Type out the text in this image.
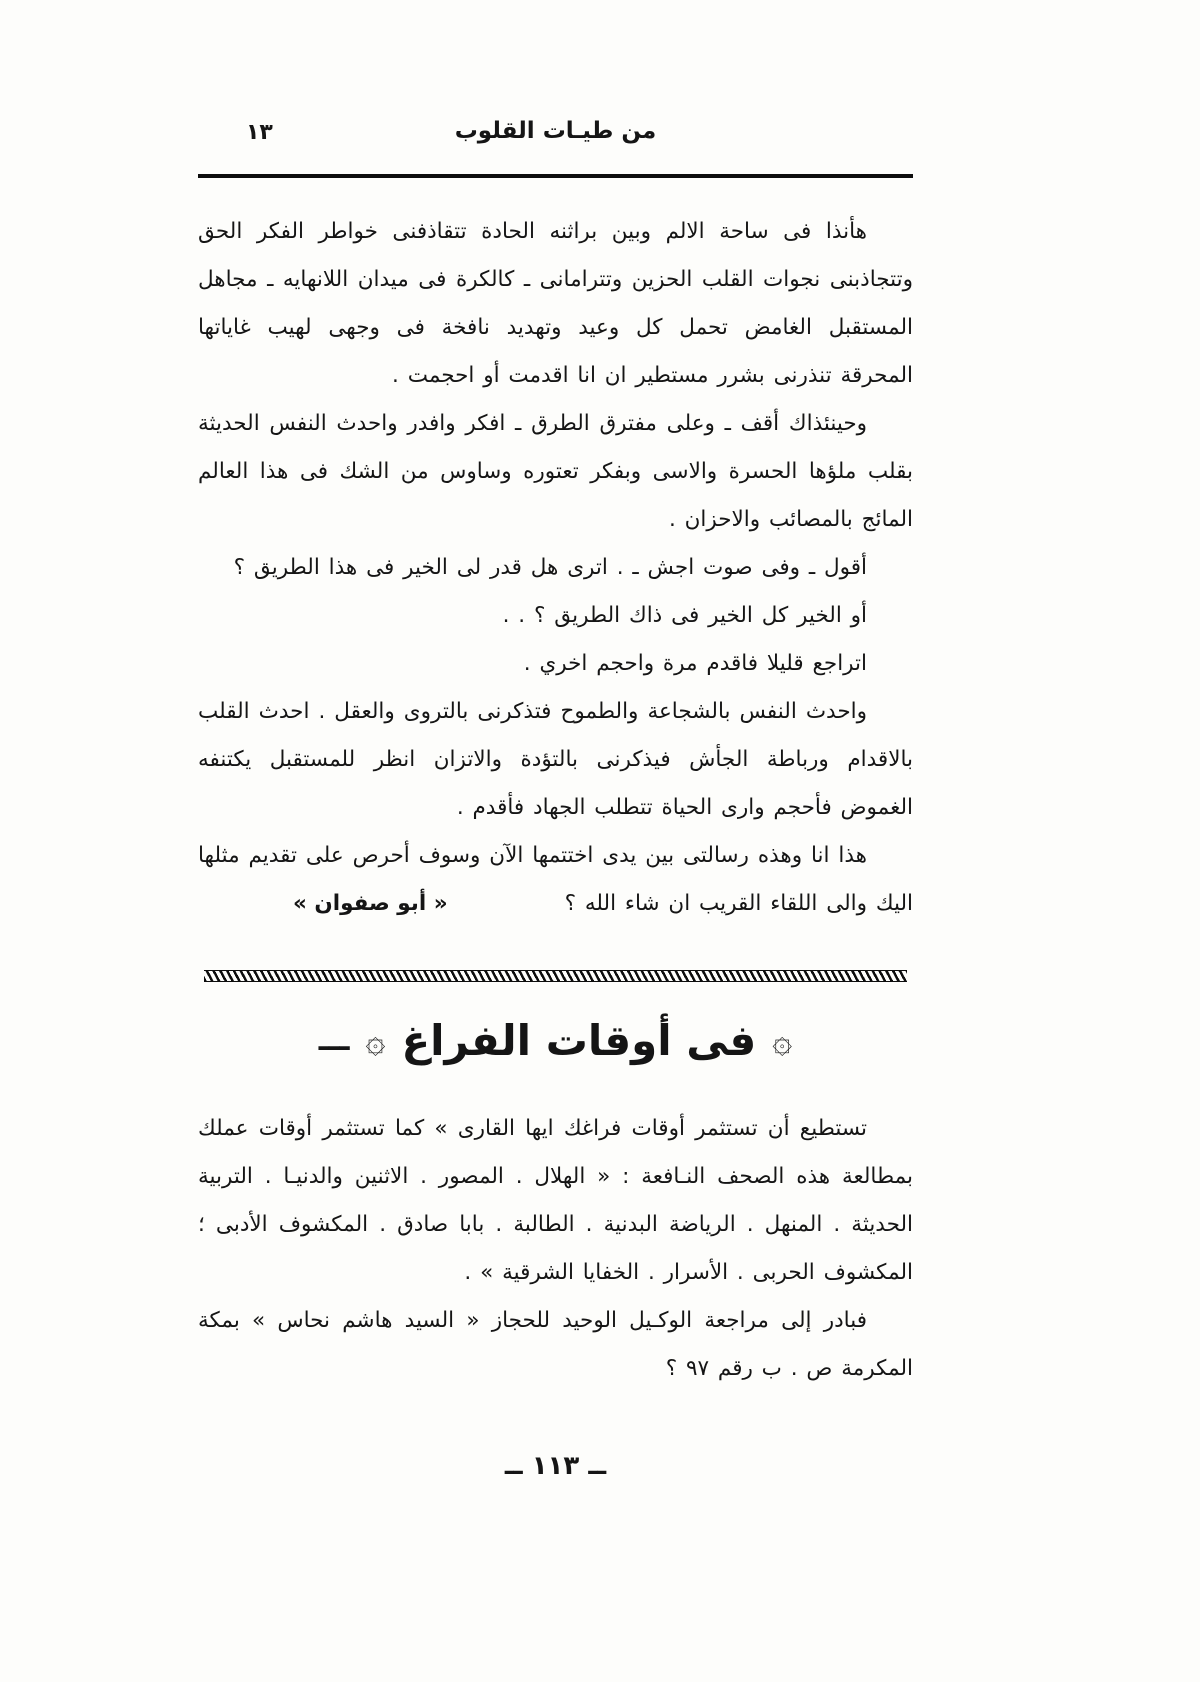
١٣	من طيـات القلوب

هأنذا فى ساحة الالم وبين براثنه الحادة تتقاذفنى خواطر الفكر الحق وتتجاذبنى نجوات القلب الحزين وتترامانى ـ كالكرة فى ميدان اللانهايه ـ مجاهل المستقبل الغامض تحمل كل وعيد وتهديد نافخة فى وجهى لهيب غاياتها المحرقة تنذرنى بشرر مستطير ان انا اقدمت أو احجمت .

وحينئذاك أقف ـ وعلى مفترق الطرق ـ افكر وافدر واحدث النفس الحديثة بقلب ملؤها الحسرة والاسى وبفكر تعتوره وساوس من الشك فى هذا العالم المائج بالمصائب والاحزان .

أقول ـ وفى صوت اجش ـ . اترى هل قدر لى الخير فى هذا الطريق ؟

أو الخير كل الخير فى ذاك الطريق ؟ . .

اتراجع قليلا فاقدم مرة واحجم اخري .

واحدث النفس بالشجاعة والطموح فتذكرنى بالتروى والعقل . احدث القلب بالاقدام ورباطة الجأش فيذكرنى بالتؤدة والاتزان انظر للمستقبل يكتنفه الغموض فأحجم وارى الحياة تتطلب الجهاد فأقدم .

هذا انا وهذه رسالتى بين يدى اختتمها الآن وسوف أحرص على تقديم مثلها اليك والى اللقاء القريب ان شاء الله ؟

« أبو صفوان »
۞
فى أوقات الفراغ
۞
ـــ

تستطيع أن تستثمر أوقات فراغك ايها القارى » كما تستثمر أوقات عملك بمطالعة هذه الصحف النـافعة : « الهلال . المصور . الاثنين والدنيـا . التربية الحديثة . المنهل . الرياضة البدنية . الطالبة . بابا صادق . المكشوف الأدبى ؛ المكشوف الحربى . الأسرار . الخفايا الشرقية » .

فبادر إلى مراجعة الوكـيل الوحيد للحجاز « السيد هاشم نحاس » بمكة المكرمة ص . ب رقم ٩٧ ؟

ــ ١١٣ ــ
